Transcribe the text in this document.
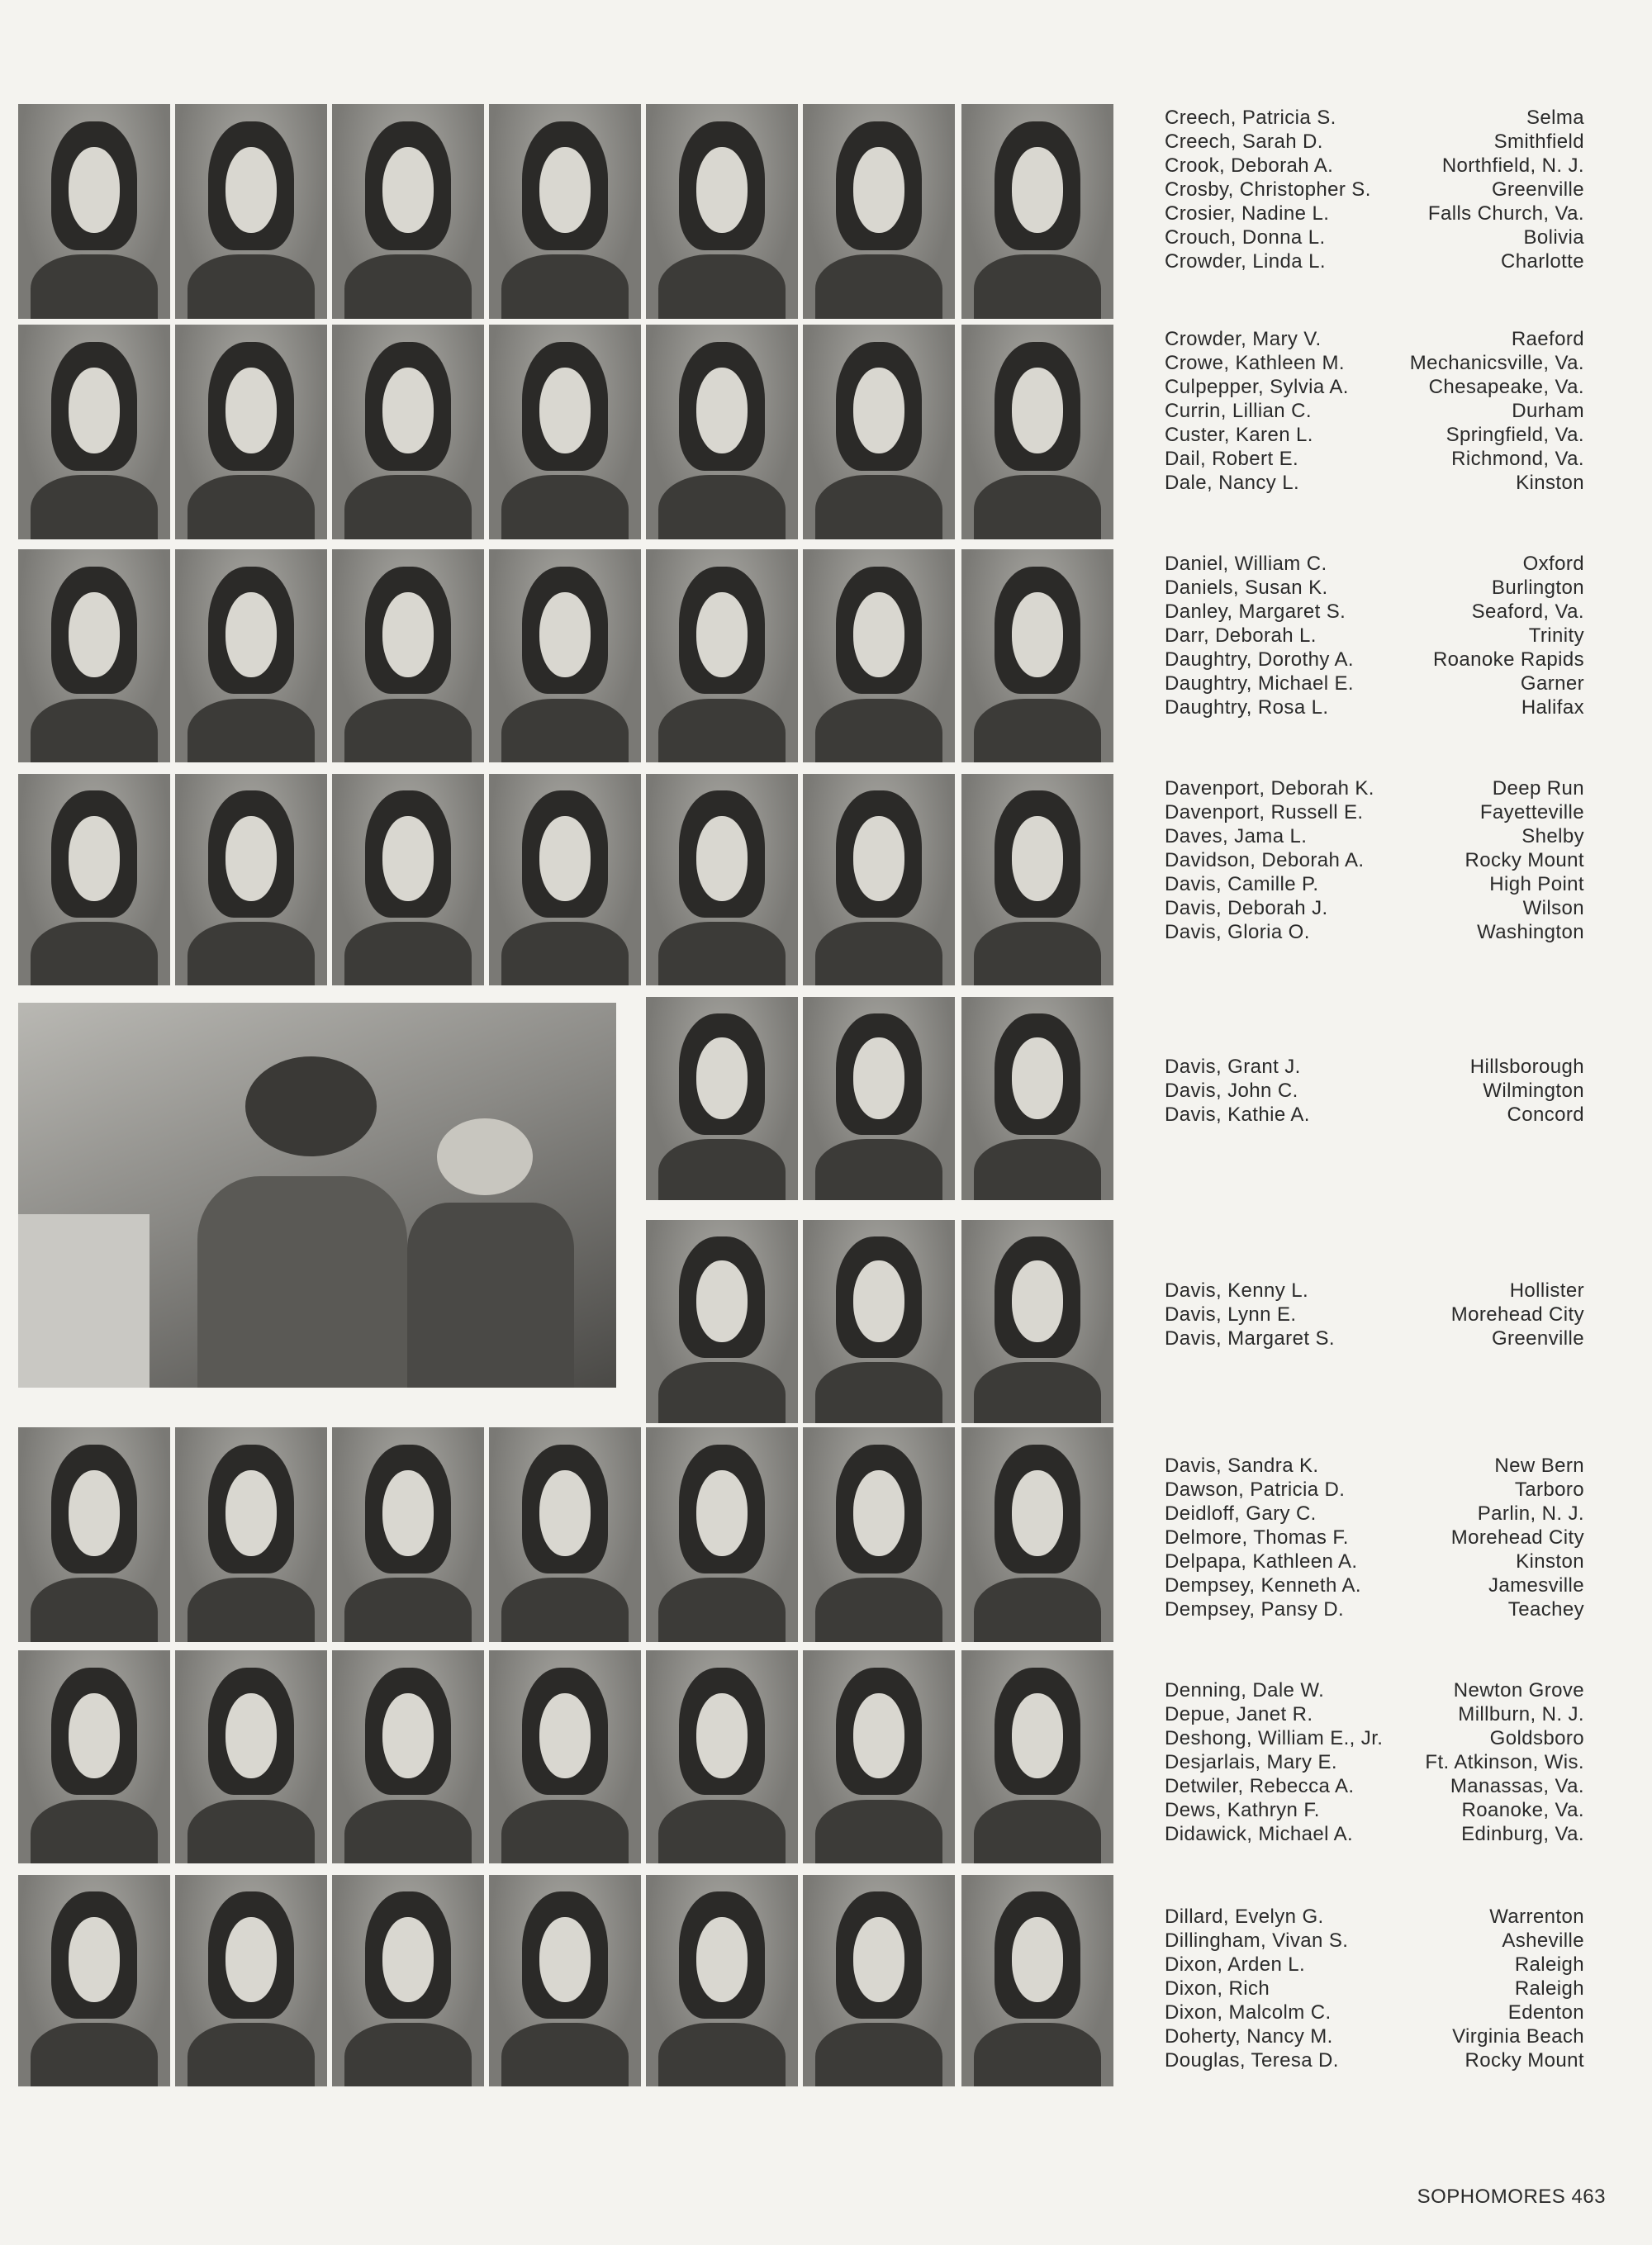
Creech, Patricia S.
Creech, Sarah D.
Crook, Deborah A.
Crosby, Christopher S.
Crosier, Nadine L.
Crouch, Donna L.
Crowder, Linda L.
Selma
Smithfield
Northfield, N. J.
Greenville
Falls Church, Va.
Bolivia
Charlotte
Crowder, Mary V.
Crowe, Kathleen M.
Culpepper, Sylvia A.
Currin, Lillian C.
Custer, Karen L.
Dail, Robert E.
Dale, Nancy L.
Raeford
Mechanicsville, Va.
Chesapeake, Va.
Durham
Springfield, Va.
Richmond, Va.
Kinston
Daniel, William C.
Daniels, Susan K.
Danley, Margaret S.
Darr, Deborah L.
Daughtry, Dorothy A.
Daughtry, Michael E.
Daughtry, Rosa L.
Oxford
Burlington
Seaford, Va.
Trinity
Roanoke Rapids
Garner
Halifax
Davenport, Deborah K.
Davenport, Russell E.
Daves, Jama L.
Davidson, Deborah A.
Davis, Camille P.
Davis, Deborah J.
Davis, Gloria O.
Deep Run
Fayetteville
Shelby
Rocky Mount
High Point
Wilson
Washington
Davis, Grant J.
Davis, John C.
Davis, Kathie A.
Hillsborough
Wilmington
Concord
Davis, Kenny L.
Davis, Lynn E.
Davis, Margaret S.
Hollister
Morehead City
Greenville
Davis, Sandra K.
Dawson, Patricia D.
Deidloff, Gary C.
Delmore, Thomas F.
Delpapa, Kathleen A.
Dempsey, Kenneth A.
Dempsey, Pansy D.
New Bern
Tarboro
Parlin, N. J.
Morehead City
Kinston
Jamesville
Teachey
Denning, Dale W.
Depue, Janet R.
Deshong, William E., Jr.
Desjarlais, Mary E.
Detwiler, Rebecca A.
Dews, Kathryn F.
Didawick, Michael A.
Newton Grove
Millburn, N. J.
Goldsboro
Ft. Atkinson, Wis.
Manassas, Va.
Roanoke, Va.
Edinburg, Va.
Dillard, Evelyn G.
Dillingham, Vivan S.
Dixon, Arden L.
Dixon, Rich
Dixon, Malcolm C.
Doherty, Nancy M.
Douglas, Teresa D.
Warrenton
Asheville
Raleigh
Raleigh
Edenton
Virginia Beach
Rocky Mount
SOPHOMORES 463
